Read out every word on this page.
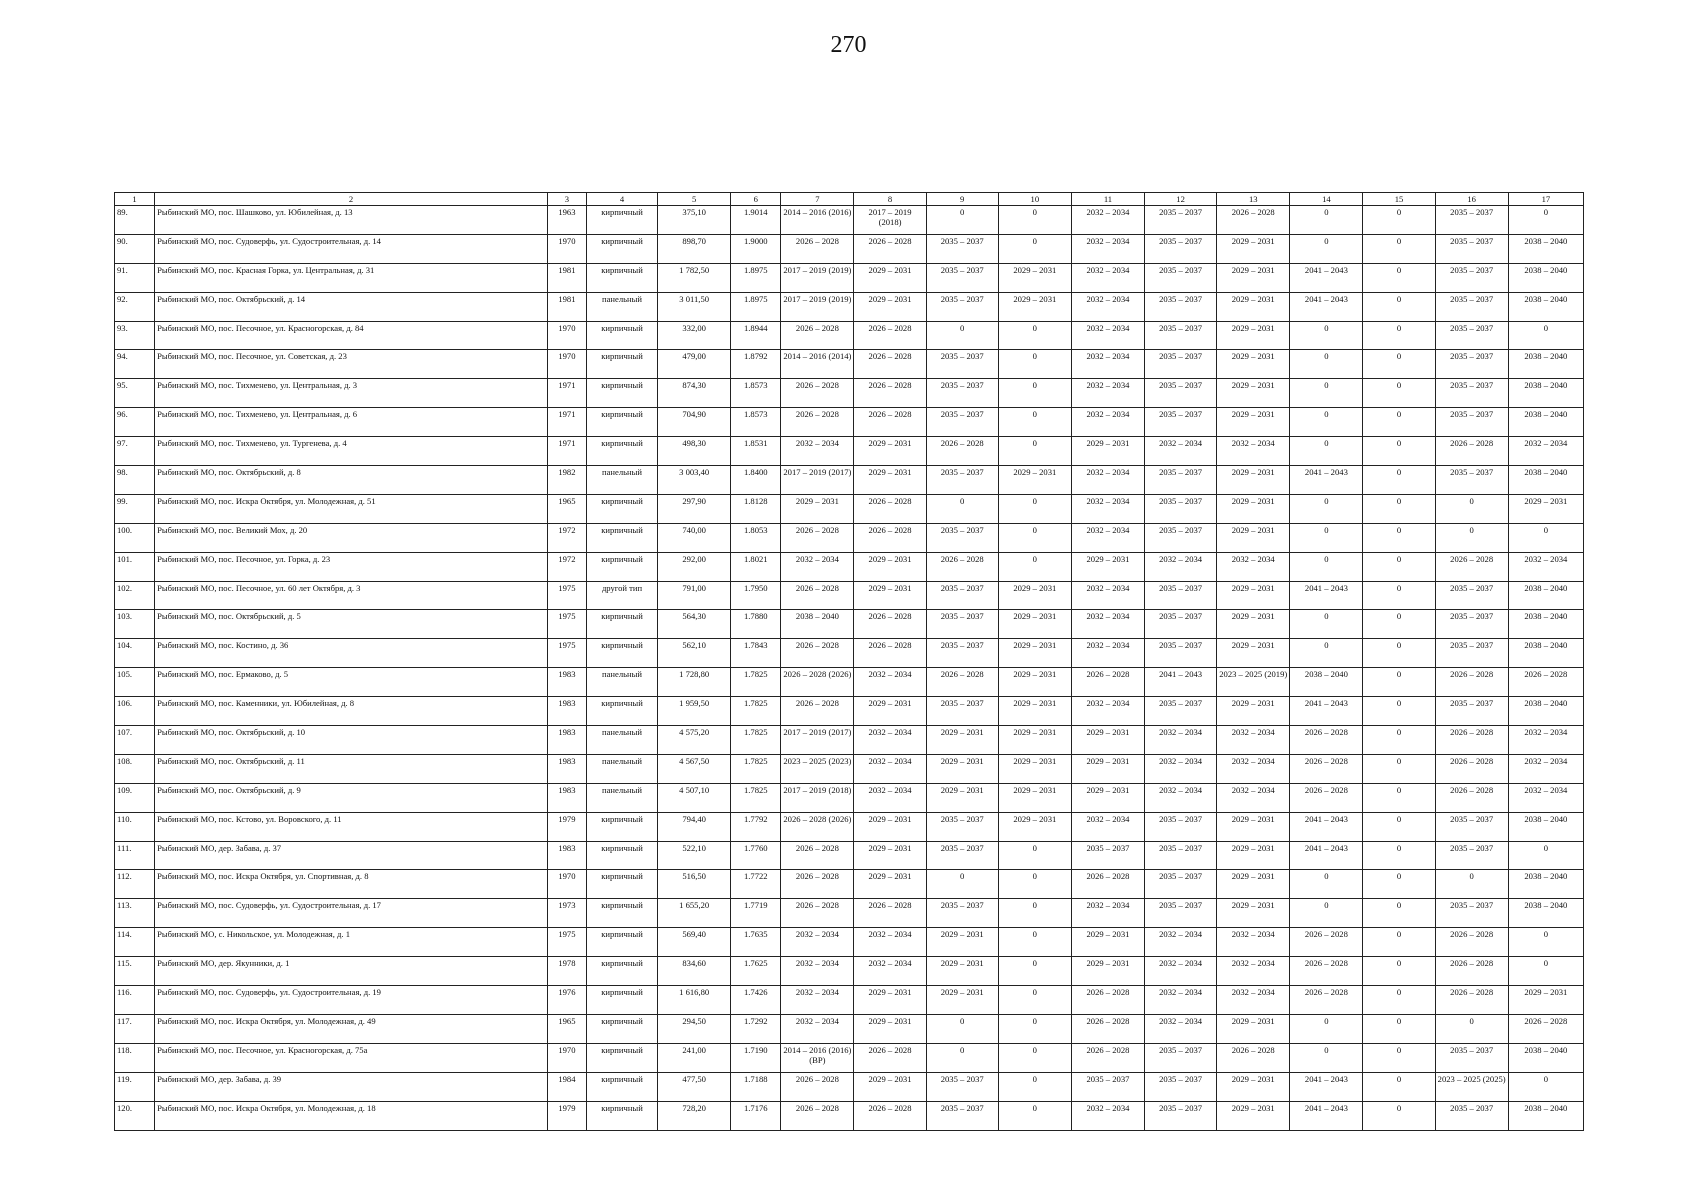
270
1	2	3	4	5	6	7	8	9	10	11	12	13	14	15	16	17
89.	Рыбинский МО, пос. Шашково, ул. Юбилейная, д. 13	1963	кирпичный	375,10	1.9014	2014 – 2016 (2016)	2017 – 2019 (2018)	0	0	2032 – 2034	2035 – 2037	2026 – 2028	0	0	2035 – 2037	0
90.	Рыбинский МО, пос. Судоверфь, ул. Судостроительная, д. 14	1970	кирпичный	898,70	1.9000	2026 – 2028	2026 – 2028	2035 – 2037	0	2032 – 2034	2035 – 2037	2029 – 2031	0	0	2035 – 2037	2038 – 2040
91.	Рыбинский МО, пос. Красная Горка, ул. Центральная, д. 31	1981	кирпичный	1 782,50	1.8975	2017 – 2019 (2019)	2029 – 2031	2035 – 2037	2029 – 2031	2032 – 2034	2035 – 2037	2029 – 2031	2041 – 2043	0	2035 – 2037	2038 – 2040
92.	Рыбинский МО, пос. Октябрьский, д. 14	1981	панельный	3 011,50	1.8975	2017 – 2019 (2019)	2029 – 2031	2035 – 2037	2029 – 2031	2032 – 2034	2035 – 2037	2029 – 2031	2041 – 2043	0	2035 – 2037	2038 – 2040
93.	Рыбинский МО, пос. Песочное, ул. Красногорская, д. 84	1970	кирпичный	332,00	1.8944	2026 – 2028	2026 – 2028	0	0	2032 – 2034	2035 – 2037	2029 – 2031	0	0	2035 – 2037	0
94.	Рыбинский МО, пос. Песочное, ул. Советская, д. 23	1970	кирпичный	479,00	1.8792	2014 – 2016 (2014)	2026 – 2028	2035 – 2037	0	2032 – 2034	2035 – 2037	2029 – 2031	0	0	2035 – 2037	2038 – 2040
95.	Рыбинский МО, пос. Тихменево, ул. Центральная, д. 3	1971	кирпичный	874,30	1.8573	2026 – 2028	2026 – 2028	2035 – 2037	0	2032 – 2034	2035 – 2037	2029 – 2031	0	0	2035 – 2037	2038 – 2040
96.	Рыбинский МО, пос. Тихменево, ул. Центральная, д. 6	1971	кирпичный	704,90	1.8573	2026 – 2028	2026 – 2028	2035 – 2037	0	2032 – 2034	2035 – 2037	2029 – 2031	0	0	2035 – 2037	2038 – 2040
97.	Рыбинский МО, пос. Тихменево, ул. Тургенева, д. 4	1971	кирпичный	498,30	1.8531	2032 – 2034	2029 – 2031	2026 – 2028	0	2029 – 2031	2032 – 2034	2032 – 2034	0	0	2026 – 2028	2032 – 2034
98.	Рыбинский МО, пос. Октябрьский, д. 8	1982	панельный	3 003,40	1.8400	2017 – 2019 (2017)	2029 – 2031	2035 – 2037	2029 – 2031	2032 – 2034	2035 – 2037	2029 – 2031	2041 – 2043	0	2035 – 2037	2038 – 2040
99.	Рыбинский МО, пос. Искра Октября, ул. Молодежная, д. 51	1965	кирпичный	297,90	1.8128	2029 – 2031	2026 – 2028	0	0	2032 – 2034	2035 – 2037	2029 – 2031	0	0	0	2029 – 2031
100.	Рыбинский МО, пос. Великий Мох, д. 20	1972	кирпичный	740,00	1.8053	2026 – 2028	2026 – 2028	2035 – 2037	0	2032 – 2034	2035 – 2037	2029 – 2031	0	0	0	0
101.	Рыбинский МО, пос. Песочное, ул. Горка, д. 23	1972	кирпичный	292,00	1.8021	2032 – 2034	2029 – 2031	2026 – 2028	0	2029 – 2031	2032 – 2034	2032 – 2034	0	0	2026 – 2028	2032 – 2034
102.	Рыбинский МО, пос. Песочное, ул. 60 лет Октября, д. 3	1975	другой тип	791,00	1.7950	2026 – 2028	2029 – 2031	2035 – 2037	2029 – 2031	2032 – 2034	2035 – 2037	2029 – 2031	2041 – 2043	0	2035 – 2037	2038 – 2040
103.	Рыбинский МО, пос. Октябрьский, д. 5	1975	кирпичный	564,30	1.7880	2038 – 2040	2026 – 2028	2035 – 2037	2029 – 2031	2032 – 2034	2035 – 2037	2029 – 2031	0	0	2035 – 2037	2038 – 2040
104.	Рыбинский МО, пос. Костино, д. 36	1975	кирпичный	562,10	1.7843	2026 – 2028	2026 – 2028	2035 – 2037	2029 – 2031	2032 – 2034	2035 – 2037	2029 – 2031	0	0	2035 – 2037	2038 – 2040
105.	Рыбинский МО, пос. Ермаково, д. 5	1983	панельный	1 728,80	1.7825	2026 – 2028 (2026)	2032 – 2034	2026 – 2028	2029 – 2031	2026 – 2028	2041 – 2043	2023 – 2025 (2019)	2038 – 2040	0	2026 – 2028	2026 – 2028
106.	Рыбинский МО, пос. Каменники, ул. Юбилейная, д. 8	1983	кирпичный	1 959,50	1.7825	2026 – 2028	2029 – 2031	2035 – 2037	2029 – 2031	2032 – 2034	2035 – 2037	2029 – 2031	2041 – 2043	0	2035 – 2037	2038 – 2040
107.	Рыбинский МО, пос. Октябрьский, д. 10	1983	панельный	4 575,20	1.7825	2017 – 2019 (2017)	2032 – 2034	2029 – 2031	2029 – 2031	2029 – 2031	2032 – 2034	2032 – 2034	2026 – 2028	0	2026 – 2028	2032 – 2034
108.	Рыбинский МО, пос. Октябрьский, д. 11	1983	панельный	4 567,50	1.7825	2023 – 2025 (2023)	2032 – 2034	2029 – 2031	2029 – 2031	2029 – 2031	2032 – 2034	2032 – 2034	2026 – 2028	0	2026 – 2028	2032 – 2034
109.	Рыбинский МО, пос. Октябрьский, д. 9	1983	панельный	4 507,10	1.7825	2017 – 2019 (2018)	2032 – 2034	2029 – 2031	2029 – 2031	2029 – 2031	2032 – 2034	2032 – 2034	2026 – 2028	0	2026 – 2028	2032 – 2034
110.	Рыбинский МО, пос. Кстово, ул. Воровского, д. 11	1979	кирпичный	794,40	1.7792	2026 – 2028 (2026)	2029 – 2031	2035 – 2037	2029 – 2031	2032 – 2034	2035 – 2037	2029 – 2031	2041 – 2043	0	2035 – 2037	2038 – 2040
111.	Рыбинский МО, дер. Забава, д. 37	1983	кирпичный	522,10	1.7760	2026 – 2028	2029 – 2031	2035 – 2037	0	2035 – 2037	2035 – 2037	2029 – 2031	2041 – 2043	0	2035 – 2037	0
112.	Рыбинский МО, пос. Искра Октября, ул. Спортивная, д. 8	1970	кирпичный	516,50	1.7722	2026 – 2028	2029 – 2031	0	0	2026 – 2028	2035 – 2037	2029 – 2031	0	0	0	2038 – 2040
113.	Рыбинский МО, пос. Судоверфь, ул. Судостроительная, д. 17	1973	кирпичный	1 655,20	1.7719	2026 – 2028	2026 – 2028	2035 – 2037	0	2032 – 2034	2035 – 2037	2029 – 2031	0	0	2035 – 2037	2038 – 2040
114.	Рыбинский МО, с. Никольское, ул. Молодежная, д. 1	1975	кирпичный	569,40	1.7635	2032 – 2034	2032 – 2034	2029 – 2031	0	2029 – 2031	2032 – 2034	2032 – 2034	2026 – 2028	0	2026 – 2028	0
115.	Рыбинский МО, дер. Якунники, д. 1	1978	кирпичный	834,60	1.7625	2032 – 2034	2032 – 2034	2029 – 2031	0	2029 – 2031	2032 – 2034	2032 – 2034	2026 – 2028	0	2026 – 2028	0
116.	Рыбинский МО, пос. Судоверфь, ул. Судостроительная, д. 19	1976	кирпичный	1 616,80	1.7426	2032 – 2034	2029 – 2031	2029 – 2031	0	2026 – 2028	2032 – 2034	2032 – 2034	2026 – 2028	0	2026 – 2028	2029 – 2031
117.	Рыбинский МО, пос. Искра Октября, ул. Молодежная, д. 49	1965	кирпичный	294,50	1.7292	2032 – 2034	2029 – 2031	0	0	2026 – 2028	2032 – 2034	2029 – 2031	0	0	0	2026 – 2028
118.	Рыбинский МО, пос. Песочное, ул. Красногорская, д. 75а	1970	кирпичный	241,00	1.7190	2014 – 2016 (2016) (ВР)	2026 – 2028	0	0	2026 – 2028	2035 – 2037	2026 – 2028	0	0	2035 – 2037	2038 – 2040
119.	Рыбинский МО, дер. Забава, д. 39	1984	кирпичный	477,50	1.7188	2026 – 2028	2029 – 2031	2035 – 2037	0	2035 – 2037	2035 – 2037	2029 – 2031	2041 – 2043	0	2023 – 2025 (2025)	0
120.	Рыбинский МО, пос. Искра Октября, ул. Молодежная, д. 18	1979	кирпичный	728,20	1.7176	2026 – 2028	2026 – 2028	2035 – 2037	0	2032 – 2034	2035 – 2037	2029 – 2031	2041 – 2043	0	2035 – 2037	2038 – 2040
